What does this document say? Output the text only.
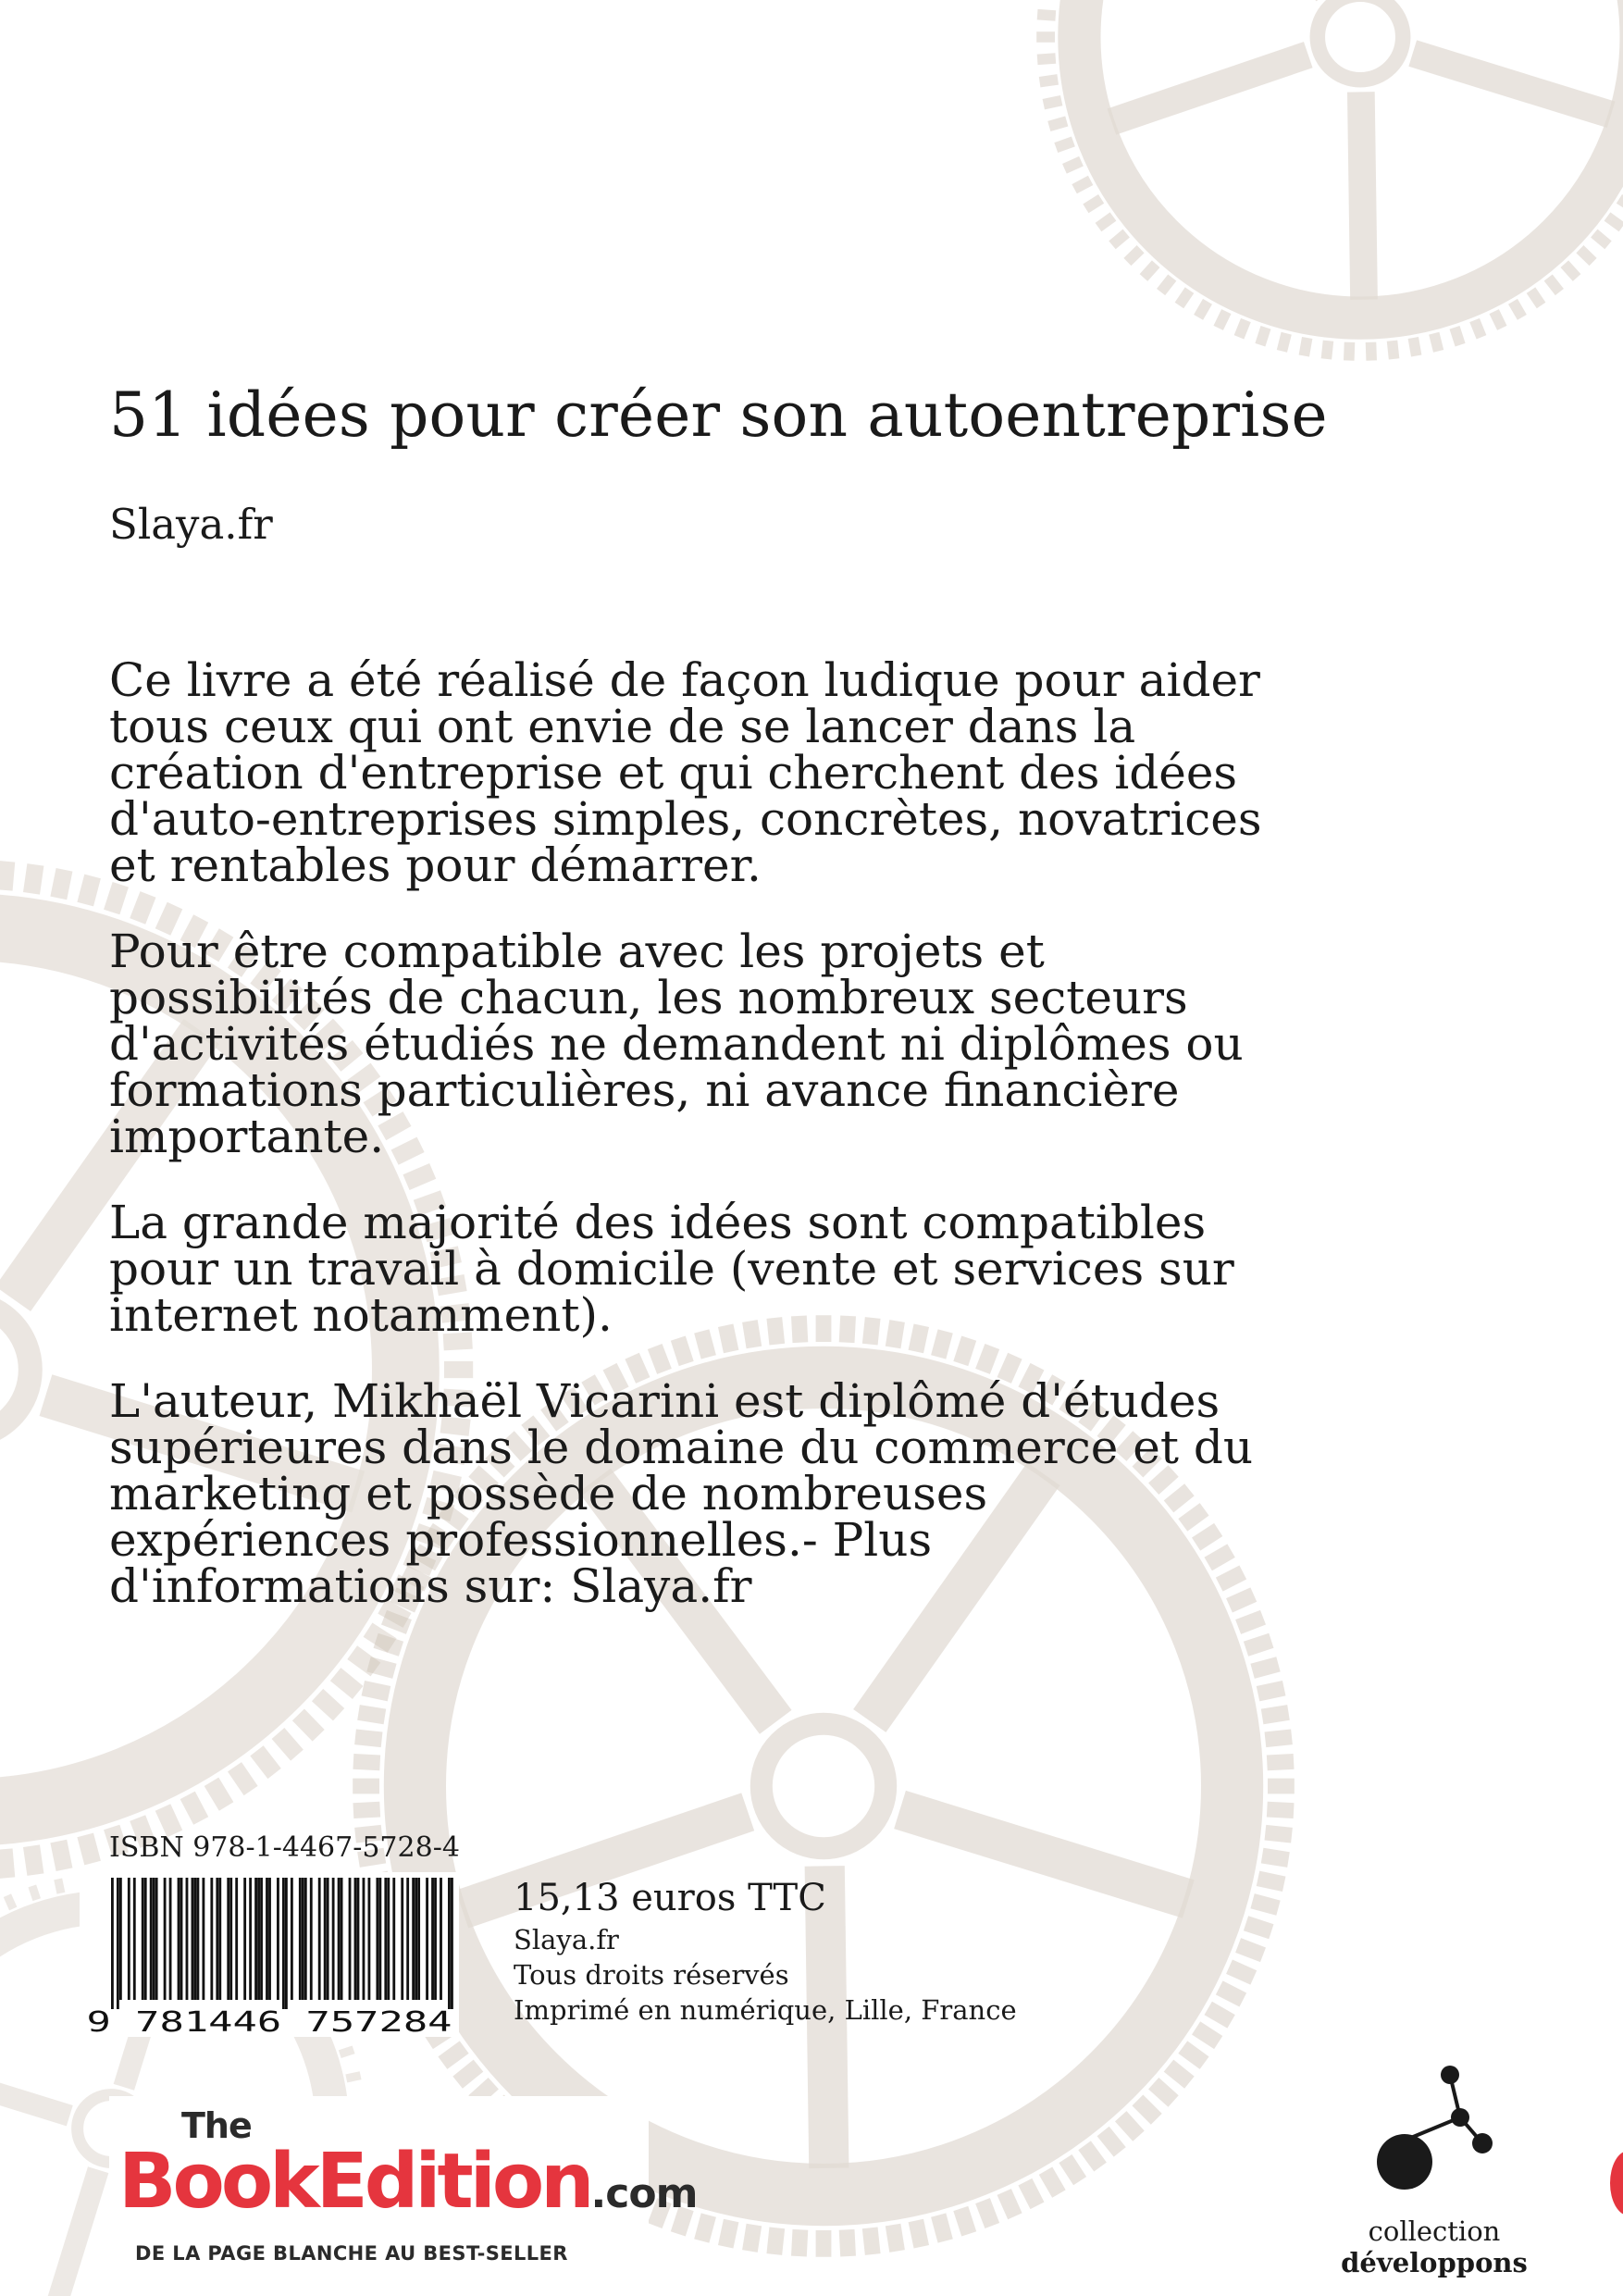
51 idées pour créer son autoentreprise

Slaya.fr

Ce livre a été réalisé de façon ludique pour aider tous ceux qui ont envie de se lancer dans la création d'entreprise et qui cherchent des idées d'auto-entreprises simples, concrètes, novatrices et rentables pour démarrer.

Pour être compatible avec les projets et possibilités de chacun, les nombreux secteurs d'activités étudiés ne demandent ni diplômes ou formations particulières, ni avance financière importante.

La grande majorité des idées sont compatibles pour un travail à domicile (vente et services sur internet notamment).

L'auteur, Mikhaël Vicarini est diplômé d'études supérieures dans le domaine du commerce et du marketing et possède de nombreuses expériences professionnelles.- Plus d'informations sur: Slaya.fr

ISBN 978-1-4467-5728-4

9 781446 757284

15,13 euros TTC

Slaya.fr

Tous droits réservés

Imprimé en numérique, Lille, France

The
BookEdition.com
DE LA PAGE BLANCHE AU BEST-SELLER
collection
développons
